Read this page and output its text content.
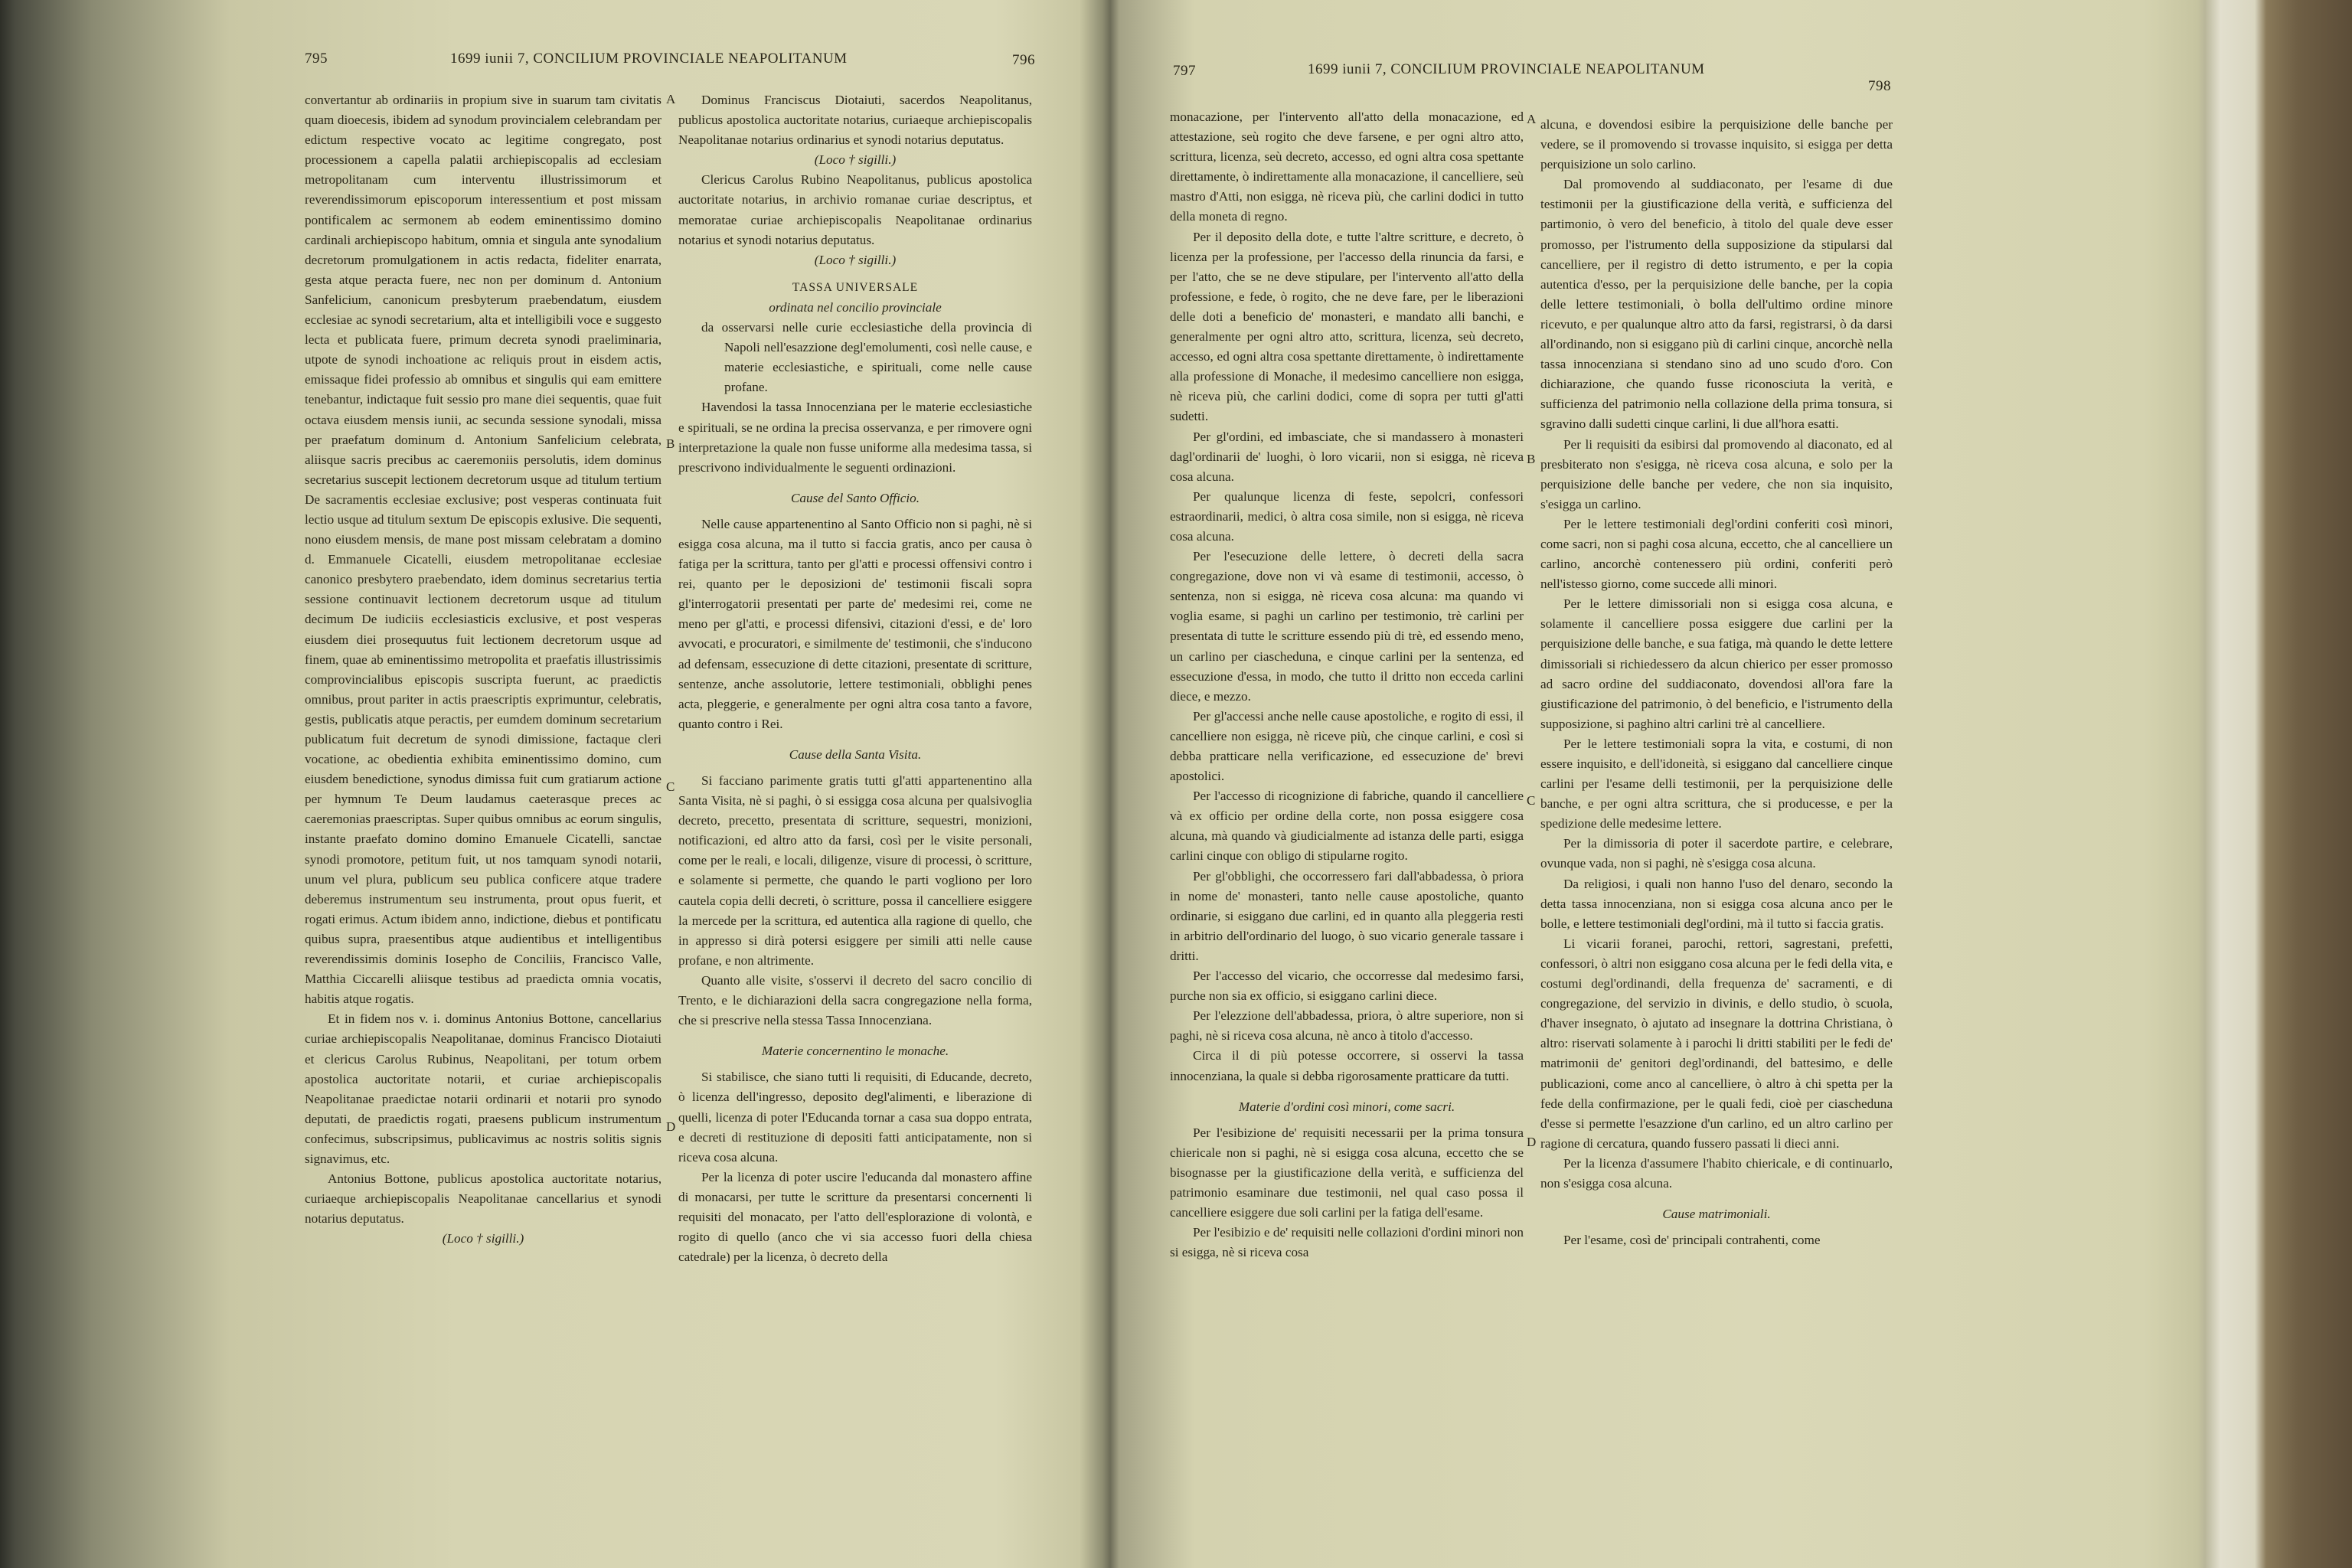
795	1699 iunii 7, CONCILIUM PROVINCIALE NEAPOLITANUM	796

convertantur ab ordinariis in propium sive in suarum tam civitatis quam dioecesis, ibidem ad synodum provincialem celebrandam per edictum respective vocato ac legitime congregato, post processionem a capella palatii archiepiscopalis ad ecclesiam metropolitanam cum interventu illustrissimorum et reverendissimorum episcoporum interessentium et post missam pontificalem ac sermonem ab eodem eminentissimo domino cardinali archiepiscopo habitum, omnia et singula ante synodalium decretorum promulgationem in actis redacta, fideliter enarrata, gesta atque peracta fuere, nec non per dominum d. Antonium Sanfelicium, canonicum presbyterum praebendatum, eiusdem ecclesiae ac synodi secretarium, alta et intelligibili voce e suggesto lecta et publicata fuere, primum decreta synodi praeliminaria, utpote de synodi inchoatione ac reliquis prout in eisdem actis, emissaque fidei professio ab omnibus et singulis qui eam emittere tenebantur, indictaque fuit sessio pro mane diei sequentis, quae fuit octava eiusdem mensis iunii, ac secunda sessione synodali, missa per praefatum dominum d. Antonium Sanfelicium celebrata, aliisque sacris precibus ac caeremoniis persolutis, idem dominus secretarius suscepit lectionem decretorum usque ad titulum tertium De sacramentis ecclesiae exclusive; post vesperas continuata fuit lectio usque ad titulum sextum De episcopis exlusive. Die sequenti, nono eiusdem mensis, de mane post missam celebratam a domino d. Emmanuele Cicatelli, eiusdem metropolitanae ecclesiae canonico presbytero praebendato, idem dominus secretarius tertia sessione continuavit lectionem decretorum usque ad titulum decimum De iudiciis ecclesiasticis exclusive, et post vesperas eiusdem diei prosequutus fuit lectionem decretorum usque ad finem, quae ab eminentissimo metropolita et praefatis illustrissimis comprovincialibus episcopis suscripta fuerunt, ac praedictis omnibus, prout pariter in actis praescriptis exprimuntur, celebratis, gestis, publicatis atque peractis, per eumdem dominum secretarium publicatum fuit decretum de synodi dimissione, factaque cleri vocatione, ac obedientia exhibita eminentissimo domino, cum eiusdem benedictione, synodus dimissa fuit cum gratiarum actione per hymnum Te Deum laudamus caeterasque preces ac caeremonias praescriptas. Super quibus omnibus ac eorum singulis, instante praefato domino domino Emanuele Cicatelli, sanctae synodi promotore, petitum fuit, ut nos tamquam synodi notarii, unum vel plura, publicum seu publica conficere atque tradere deberemus instrumentum seu instrumenta, prout opus fuerit, et rogati erimus. Actum ibidem anno, indictione, diebus et pontificatu quibus supra, praesentibus atque audientibus et intelligentibus reverendissimis dominis Iosepho de Conciliis, Francisco Valle, Matthia Ciccarelli aliisque testibus ad praedicta omnia vocatis, habitis atque rogatis.

Et in fidem nos v. i. dominus Antonius Bottone, cancellarius curiae archiepiscopalis Neapolitanae, dominus Francisco Diotaiuti et clericus Carolus Rubinus, Neapolitani, per totum orbem apostolica auctoritate notarii, et curiae archiepiscopalis Neapolitanae praedictae notarii ordinarii et notarii pro synodo deputati, de praedictis rogati, praesens publicum instrumentum confecimus, subscripsimus, publicavimus ac nostris solitis signis signavimus, etc.

Antonius Bottone, publicus apostolica auctoritate notarius, curiaeque archiepiscopalis Neapolitanae cancellarius et synodi notarius deputatus.

(Loco † sigilli.)

A
B
C
D

Dominus Franciscus Diotaiuti, sacerdos Neapolitanus, publicus apostolica auctoritate notarius, curiaeque archiepiscopalis Neapolitanae notarius ordinarius et synodi notarius deputatus.

(Loco † sigilli.)

Clericus Carolus Rubino Neapolitanus, publicus apostolica auctoritate notarius, in archivio romanae curiae descriptus, et memoratae curiae archiepiscopalis Neapolitanae ordinarius notarius et synodi notarius deputatus.

(Loco † sigilli.)

TASSA UNIVERSALE

ordinata nel concilio provinciale

da osservarsi nelle curie ecclesiastiche della provincia di Napoli nell'esazzione degl'emolumenti, così nelle cause, e materie ecclesiastiche, e spirituali, come nelle cause profane.

Havendosi la tassa Innocenziana per le materie ecclesiastiche e spirituali, se ne ordina la precisa osservanza, e per rimovere ogni interpretazione la quale non fusse uniforme alla medesima tassa, si prescrivono individualmente le seguenti ordinazioni.

Cause del Santo Officio.

Nelle cause appartenentino al Santo Officio non si paghi, nè si esigga cosa alcuna, ma il tutto si faccia gratis, anco per causa ò fatiga per la scrittura, tanto per gl'atti e processi offensivi contro i rei, quanto per le deposizioni de' testimonii fiscali sopra gl'interrogatorii presentati per parte de' medesimi rei, come ne meno per gl'atti, e processi difensivi, citazioni d'essi, e de' loro avvocati, e procuratori, e similmente de' testimonii, che s'inducono ad defensam, essecuzione di dette citazioni, presentate di scritture, sentenze, anche assolutorie, lettere testimoniali, obblighi penes acta, pleggerie, e generalmente per ogni altra cosa tanto a favore, quanto contro i Rei.

Cause della Santa Visita.

Si facciano parimente gratis tutti gl'atti appartenentino alla Santa Visita, nè si paghi, ò si essigga cosa alcuna per qualsivoglia decreto, precetto, presentata di scritture, sequestri, monizioni, notificazioni, ed altro atto da farsi, così per le visite personali, come per le reali, e locali, diligenze, visure di processi, ò scritture, e solamente si permette, che quando le parti vogliono per loro cautela copia delli decreti, ò scritture, possa il cancelliere esiggere la mercede per la scrittura, ed autentica alla ragione di quello, che in appresso si dirà potersi esiggere per simili atti nelle cause profane, e non altrimente.

Quanto alle visite, s'osservi il decreto del sacro concilio di Trento, e le dichiarazioni della sacra congregazione nella forma, che si prescrive nella stessa Tassa Innocenziana.

Materie concernentino le monache.

Si stabilisce, che siano tutti li requisiti, di Educande, decreto, ò licenza dell'ingresso, deposito degl'alimenti, e liberazione di quelli, licenza di poter l'Educanda tornar a casa sua doppo entrata, e decreti di restituzione di depositi fatti anticipatamente, non si riceva cosa alcuna.

Per la licenza di poter uscire l'educanda dal monastero affine di monacarsi, per tutte le scritture da presentarsi concernenti li requisiti del monacato, per l'atto dell'esplorazione di volontà, e rogito di quello (anco che vi sia accesso fuori della chiesa catedrale) per la licenza, ò decreto della

797	1699 iunii 7, CONCILIUM PROVINCIALE NEAPOLITANUM
798

monacazione, per l'intervento all'atto della monacazione, ed attestazione, seù rogito che deve farsene, e per ogni altro atto, scrittura, licenza, seù decreto, accesso, ed ogni altra cosa spettante direttamente, ò indirettamente alla monacazione, il cancelliere, seù mastro d'Atti, non esigga, nè riceva più, che carlini dodici in tutto della moneta di regno.

Per il deposito della dote, e tutte l'altre scritture, e decreto, ò licenza per la professione, per l'accesso della rinuncia da farsi, e per l'atto, che se ne deve stipulare, per l'intervento all'atto della professione, e fede, ò rogito, che ne deve fare, per le liberazioni delle doti a beneficio de' monasteri, e mandato alli banchi, e generalmente per ogni altro atto, scrittura, licenza, seù decreto, accesso, ed ogni altra cosa spettante direttamente, ò indirettamente alla professione di Monache, il medesimo cancelliere non esigga, nè riceva più, che carlini dodici, come di sopra per tutti gl'atti sudetti.

Per gl'ordini, ed imbasciate, che si mandassero à monasteri dagl'ordinarii de' luoghi, ò loro vicarii, non si esigga, nè riceva cosa alcuna.

Per qualunque licenza di feste, sepolcri, confessori estraordinarii, medici, ò altra cosa simile, non si esigga, nè riceva cosa alcuna.

Per l'esecuzione delle lettere, ò decreti della sacra congregazione, dove non vi và esame di testimonii, accesso, ò sentenza, non si esigga, nè riceva cosa alcuna: ma quando vi voglia esame, si paghi un carlino per testimonio, trè carlini per presentata di tutte le scritture essendo più di trè, ed essendo meno, un carlino per ciascheduna, e cinque carlini per la sentenza, ed essecuzione d'essa, in modo, che tutto il dritto non ecceda carlini diece, e mezzo.

Per gl'accessi anche nelle cause apostoliche, e rogito di essi, il cancelliere non esigga, nè riceve più, che cinque carlini, e così si debba pratticare nella verificazione, ed essecuzione de' brevi apostolici.

Per l'accesso di ricognizione di fabriche, quando il cancelliere và ex officio per ordine della corte, non possa esiggere cosa alcuna, mà quando và giudicialmente ad istanza delle parti, esigga carlini cinque con obligo di stipularne rogito.

Per gl'obblighi, che occorressero fari dall'abbadessa, ò priora in nome de' monasteri, tanto nelle cause apostoliche, quanto ordinarie, si esiggano due carlini, ed in quanto alla pleggeria resti in arbitrio dell'ordinario del luogo, ò suo vicario generale tassare i dritti.

Per l'accesso del vicario, che occorresse dal medesimo farsi, purche non sia ex officio, si esiggano carlini diece.

Per l'elezzione dell'abbadessa, priora, ò altre superiore, non si paghi, nè si riceva cosa alcuna, nè anco à titolo d'accesso.

Circa il di più potesse occorrere, si osservi la tassa innocenziana, la quale si debba rigorosamente pratticare da tutti.

Materie d'ordini così minori, come sacri.

Per l'esibizione de' requisiti necessarii per la prima tonsura chiericale non si paghi, nè si esigga cosa alcuna, eccetto che se bisognasse per la giustificazione della verità, e sufficienza del patrimonio esaminare due testimonii, nel qual caso possa il cancelliere esiggere due soli carlini per la fatiga dell'esame.

Per l'esibizio e de' requisiti nelle collazioni d'ordini minori non si esigga, nè si riceva cosa

A
B
C
D

alcuna, e dovendosi esibire la perquisizione delle banche per vedere, se il promovendo si trovasse inquisito, si esigga per detta perquisizione un solo carlino.

Dal promovendo al suddiaconato, per l'esame di due testimonii per la giustificazione della verità, e sufficienza del partimonio, ò vero del beneficio, à titolo del quale deve esser promosso, per l'istrumento della supposizione da stipularsi dal cancelliere, per il registro di detto istrumento, e per la copia autentica d'esso, per la perquisizione delle banche, per la copia delle lettere testimoniali, ò bolla dell'ultimo ordine minore ricevuto, e per qualunque altro atto da farsi, registrarsi, ò da darsi all'ordinando, non si esiggano più di carlini cinque, ancorchè nella tassa innocenziana si stendano sino ad uno scudo d'oro. Con dichiarazione, che quando fusse riconosciuta la verità, e sufficienza del patrimonio nella collazione della prima tonsura, si sgravino dalli sudetti cinque carlini, li due all'hora esatti.

Per li requisiti da esibirsi dal promovendo al diaconato, ed al presbiterato non s'esigga, nè riceva cosa alcuna, e solo per la perquisizione delle banche per vedere, che non sia inquisito, s'esigga un carlino.

Per le lettere testimoniali degl'ordini conferiti così minori, come sacri, non si paghi cosa alcuna, eccetto, che al cancelliere un carlino, ancorchè contenessero più ordini, conferiti però nell'istesso giorno, come succede alli minori.

Per le lettere dimissoriali non si esigga cosa alcuna, e solamente il cancelliere possa esiggere due carlini per la perquisizione delle banche, e sua fatiga, mà quando le dette lettere dimissoriali si richiedessero da alcun chierico per esser promosso ad sacro ordine del suddiaconato, dovendosi all'ora fare la giustificazione del patrimonio, ò del beneficio, e l'istrumento della supposizione, si paghino altri carlini trè al cancelliere.

Per le lettere testimoniali sopra la vita, e costumi, di non essere inquisito, e dell'idoneità, si esiggano dal cancelliere cinque carlini per l'esame delli testimonii, per la perquisizione delle banche, e per ogni altra scrittura, che si producesse, e per la spedizione delle medesime lettere.

Per la dimissoria di poter il sacerdote partire, e celebrare, ovunque vada, non si paghi, nè s'esigga cosa alcuna.

Da religiosi, i quali non hanno l'uso del denaro, secondo la detta tassa innocenziana, non si esigga cosa alcuna anco per le bolle, e lettere testimoniali degl'ordini, mà il tutto si faccia gratis.

Li vicarii foranei, parochi, rettori, sagrestani, prefetti, confessori, ò altri non esiggano cosa alcuna per le fedi della vita, e costumi degl'ordinandi, della frequenza de' sacramenti, e di congregazione, del servizio in divinis, e dello studio, ò scuola, d'haver insegnato, ò ajutato ad insegnare la dottrina Christiana, ò altro: riservati solamente à i parochi li dritti stabiliti per le fedi de' matrimonii de' genitori degl'ordinandi, del battesimo, e delle publicazioni, come anco al cancelliere, ò altro à chi spetta per la fede della confirmazione, per le quali fedi, cioè per ciascheduna d'esse si permette l'esazzione d'un carlino, ed un altro carlino per ragione di cercatura, quando fussero passati li dieci anni.

Per la licenza d'assumere l'habito chiericale, e di continuarlo, non s'esigga cosa alcuna.

Cause matrimoniali.

Per l'esame, così de' principali contrahenti, come
